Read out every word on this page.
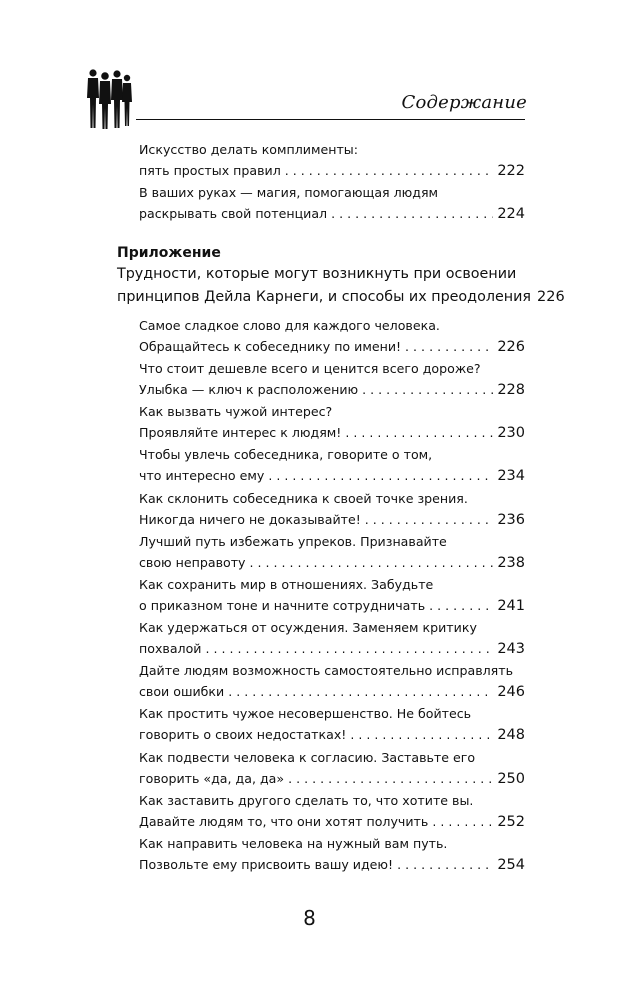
Содержание
Искусство делать комплименты:
пять простых правил . . .	222
В ваших руках — магия, помогающая людям
раскрывать свой потенциал . . .	224
Приложение
Трудности, которые могут возникнуть при освоении
принципов Дейла Карнеги, и способы их преодоления 226
Самое сладкое слово для каждого человека.
Обращайтесь к собеседнику по имени! . . .	226
Что стоит дешевле всего и ценится всего дороже?
Улыбка — ключ к расположению . . .	228
Как вызвать чужой интерес?
Проявляйте интерес к людям! . . .	230
Чтобы увлечь собеседника, говорите о том,
что интересно ему . . .	234
Как склонить собеседника к своей точке зрения.
Никогда ничего не доказывайте! . . .	236
Лучший путь избежать упреков. Признавайте
свою неправоту . . .	238
Как сохранить мир в отношениях. Забудьте
о приказном тоне и начните сотрудничать . . .	241
Как удержаться от осуждения. Заменяем критику
похвалой . . .	243
Дайте людям возможность самостоятельно исправлять
свои ошибки . . .	246
Как простить чужое несовершенство. Не бойтесь
говорить о своих недостатках! . . .	248
Как подвести человека к согласию. Заставьте его
говорить «да, да, да» . . .	250
Как заставить другого сделать то, что хотите вы.
Давайте людям то, что они хотят получить . . .	252
Как направить человека на нужный вам путь.
Позвольте ему присвоить вашу идею! . . .	254
8
